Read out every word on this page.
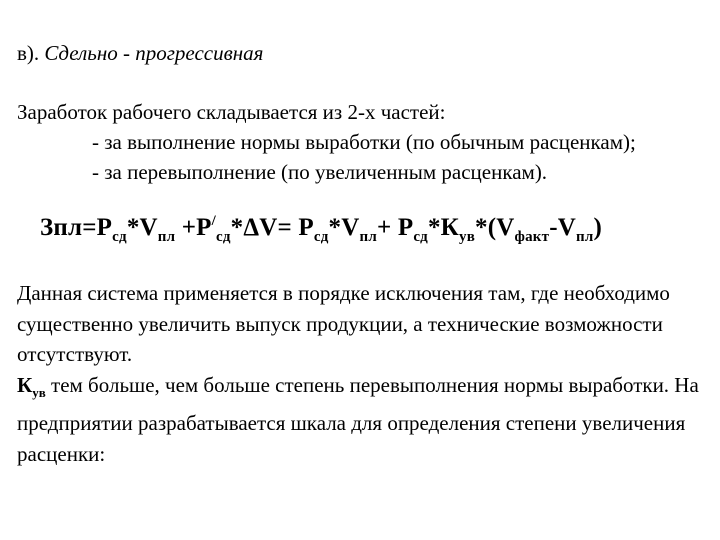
в). Сдельно - прогрессивная
Заработок рабочего складывается из 2-х частей:
- за выполнение нормы выработки (по обычным расценкам);
- за перевыполнение (по увеличенным расценкам).
$Зпл=Р_{сд}*V_{пл} +Р^/_{сд}*\Delta V= Р_{сд}*V_{пл}+ Р_{сд}*К_{ув}*(V_{факт}-V_{пл})$

Данная система применяется в порядке исключения там, где необходимо существенно увеличить выпуск продукции, а технические возможности отсутствуют.

$К_{ув}$ тем больше, чем больше степень перевыполнения нормы выработки. На предприятии разрабатывается шкала для определения степени увеличения расценки:
